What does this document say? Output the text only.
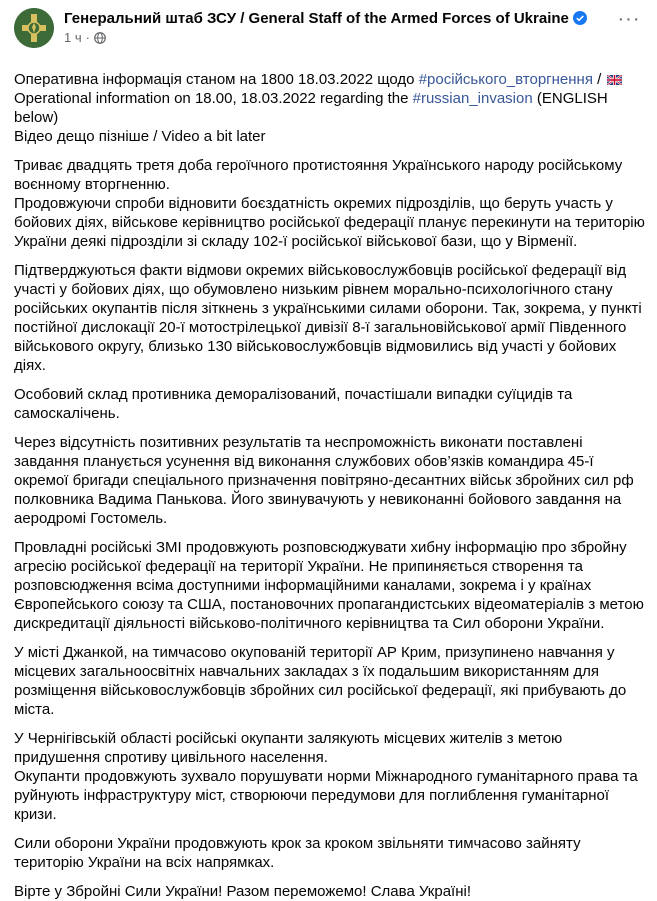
Генеральний штаб ЗСУ / General Staff of the Armed Forces of Ukraine
1 ч ·
···

Оперативна інформація станом на 1800 18.03.2022 щодо #російського_вторгнення /

Operational information on 18.00, 18.03.2022 regarding the #russian_invasion (ENGLISH below)

Відео дещо пізніше / Video a bit later

Триває двадцять третя доба героїчного протистояння Українського народу російському воєнному вторгненню.
Продовжуючи спроби відновити боєздатність окремих підрозділів, що беруть участь у бойових діях, військове керівництво російської федерації планує перекинути на територію України деякі підрозділи зі складу 102-ї російської військової бази, що у Вірменії.
Підтверджуються факти відмови окремих військовослужбовців російської федерації від участі у бойових діях, що обумовлено низьким рівнем морально-психологічного стану російських окупантів після зіткнень з українськими силами оборони. Так, зокрема, у пункті постійної дислокації 20-ї мотострілецької дивізії 8-ї загальновійськової армії Південного військового округу, близько 130 військовослужбовців відмовились від участі у бойових діях.
Особовий склад противника деморалізований, почастішали випадки суїцидів та самоскалічень.
Через відсутність позитивних результатів та неспроможність виконати поставлені завдання планується усунення від виконання службових обов’язків командира 45-ї окремої бригади спеціального призначення повітряно-десантних військ збройних сил рф полковника Вадима Панькова. Його звинувачують у невиконанні бойового завдання на аеродромі Гостомель.
Провладні російські ЗМІ продовжують розповсюджувати хибну інформацію про збройну агресію російської федерації на території України. Не припиняється створення та розповсюдження всіма доступними інформаційними каналами, зокрема і у країнах Європейського союзу та США, постановочних пропагандистських відеоматеріалів з метою дискредитації діяльності військово-політичного керівництва та Сил оборони України.
У місті Джанкой, на тимчасово окупованій території АР Крим, призупинено навчання у місцевих загальноосвітніх навчальних закладах з їх подальшим використанням для розміщення військовослужбовців збройних сил російської федерації, які прибувають до міста.
У Чернігівській області російські окупанти залякують місцевих жителів з метою придушення спротиву цивільного населення.
Окупанти продовжують зухвало порушувати норми Міжнародного гуманітарного права та руйнують інфраструктуру міст, створюючи передумови для поглиблення гуманітарної кризи.
Сили оборони України продовжують крок за кроком звільняти тимчасово зайняту територію України на всіх напрямках.
Вірте у Збройні Сили України! Разом переможемо! Слава Україні!
